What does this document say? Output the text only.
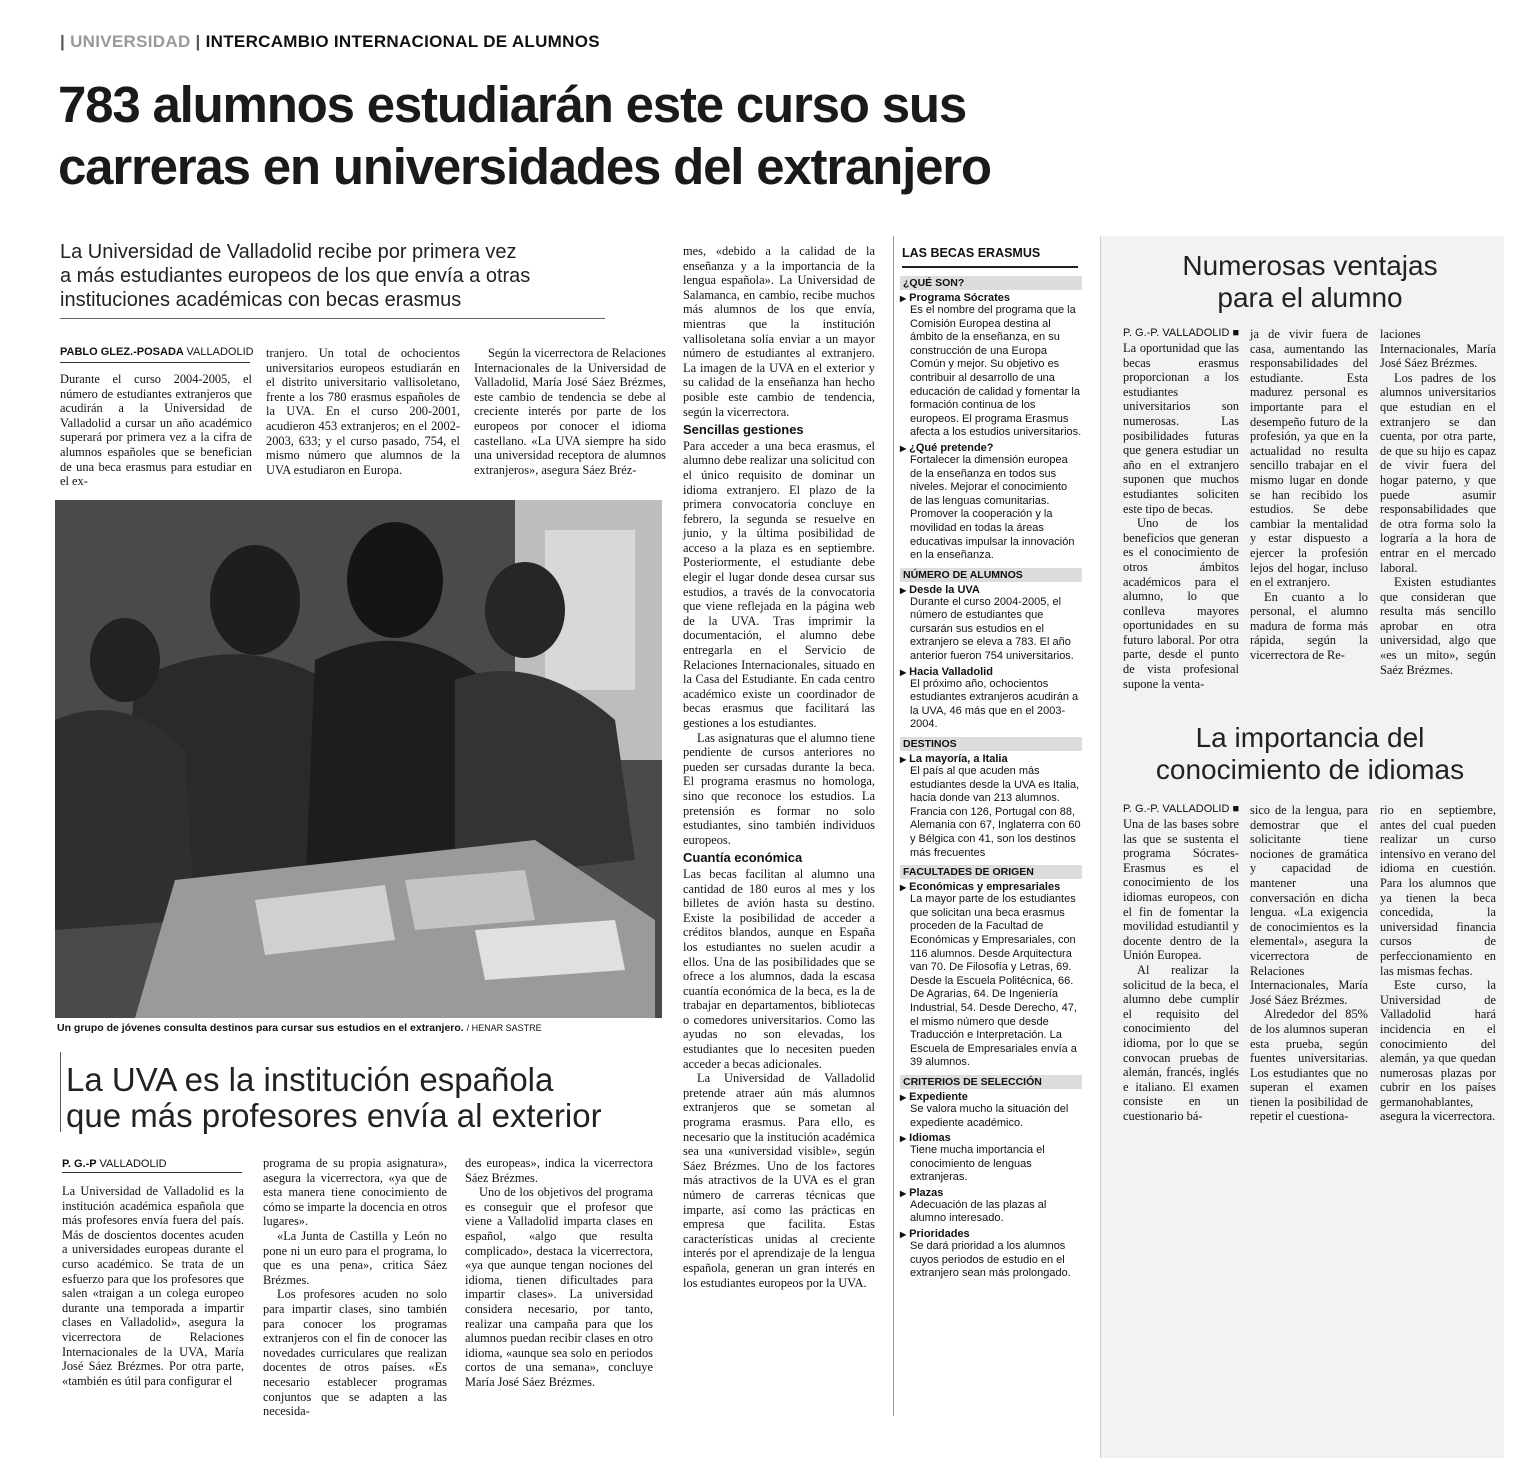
| UNIVERSIDAD | INTERCAMBIO INTERNACIONAL DE ALUMNOS
783 alumnos estudiarán este curso sus
carreras en universidades del extranjero
La Universidad de Valladolid recibe por primera vez
a más estudiantes europeos de los que envía a otras
instituciones académicas con becas erasmus
PABLO GLEZ.-POSADA VALLADOLID

Durante el curso 2004-2005, el número de estudiantes extranjeros que acudirán a la Universidad de Valladolid a cursar un año académico superará por primera vez a la cifra de alumnos españoles que se benefician de una beca erasmus para estudiar en el ex-

tranjero. Un total de ochocientos universitarios europeos estudiarán en el distrito universitario vallisoletano, frente a los 780 erasmus españoles de la UVA. En el curso 200-2001, acudieron 453 extranjeros; en el 2002-2003, 633; y el curso pasado, 754, el mismo número que alumnos de la UVA estudiaron en Europa.

Según la vicerrectora de Relaciones Internacionales de la Universidad de Valladolid, María José Sáez Brézmes, este cambio de tendencia se debe al creciente interés por parte de los europeos por conocer el idioma castellano. «La UVA siempre ha sido una universidad receptora de alumnos extranjeros», asegura Sáez Bréz-

Un grupo de jóvenes consulta destinos para cursar sus estudios en el extranjero. / HENAR SASTRE

mes, «debido a la calidad de la enseñanza y a la importancia de la lengua española». La Universidad de Salamanca, en cambio, recibe muchos más alumnos de los que envía, mientras que la institución vallisoletana solía enviar a un mayor número de estudiantes al extranjero. La imagen de la UVA en el exterior y su calidad de la enseñanza han hecho posible este cambio de tendencia, según la vicerrectora.

Sencillas gestiones

Para acceder a una beca erasmus, el alumno debe realizar una solicitud con el único requisito de dominar un idioma extranjero. El plazo de la primera convocatoria concluye en febrero, la segunda se resuelve en junio, y la última posibilidad de acceso a la plaza es en septiembre. Posteriormente, el estudiante debe elegir el lugar donde desea cursar sus estudios, a través de la convocatoria que viene reflejada en la página web de la UVA. Tras imprimir la documentación, el alumno debe entregarla en el Servicio de Relaciones Internacionales, situado en la Casa del Estudiante. En cada centro académico existe un coordinador de becas erasmus que facilitará las gestiones a los estudiantes.

Las asignaturas que el alumno tiene pendiente de cursos anteriores no pueden ser cursadas durante la beca. El programa erasmus no homologa, sino que reconoce los estudios. La pretensión es formar no solo estudiantes, sino también individuos europeos.

Cuantía económica

Las becas facilitan al alumno una cantidad de 180 euros al mes y los billetes de avión hasta su destino. Existe la posibilidad de acceder a créditos blandos, aunque en España los estudiantes no suelen acudir a ellos. Una de las posibilidades que se ofrece a los alumnos, dada la escasa cuantía económica de la beca, es la de trabajar en departamentos, bibliotecas o comedores universitarios. Como las ayudas no son elevadas, los estudiantes que lo necesiten pueden acceder a becas adicionales.

La Universidad de Valladolid pretende atraer aún más alumnos extranjeros que se sometan al programa erasmus. Para ello, es necesario que la institución académica sea una «universidad visible», según Sáez Brézmes. Uno de los factores más atractivos de la UVA es el gran número de carreras técnicas que imparte, así como las prácticas en empresa que facilita. Estas características unidas al creciente interés por el aprendizaje de la lengua española, generan un gran interés en los estudiantes europeos por la UVA.

La UVA es la institución española
que más profesores envía al exterior
P. G.-P VALLADOLID

La Universidad de Valladolid es la institución académica española que más profesores envía fuera del país. Más de doscientos docentes acuden a universidades europeas durante el curso académico. Se trata de un esfuerzo para que los profesores que salen «traigan a un colega europeo durante una temporada a impartir clases en Valladolid», asegura la vicerrectora de Relaciones Internacionales de la UVA, María José Sáez Brézmes. Por otra parte, «también es útil para configurar el

programa de su propia asignatura», asegura la vicerrectora, «ya que de esta manera tiene conocimiento de cómo se imparte la docencia en otros lugares».

«La Junta de Castilla y León no pone ni un euro para el programa, lo que es una pena», critica Sáez Brézmes.

Los profesores acuden no solo para impartir clases, sino también para conocer los programas extranjeros con el fin de conocer las novedades curriculares que realizan docentes de otros países. «Es necesario establecer programas conjuntos que se adapten a las necesida-

des europeas», indica la vicerrectora Sáez Brézmes.

Uno de los objetivos del programa es conseguir que el profesor que viene a Valladolid imparta clases en español, «algo que resulta complicado», destaca la vicerrectora, «ya que aunque tengan nociones del idioma, tienen dificultades para impartir clases». La universidad considera necesario, por tanto, realizar una campaña para que los alumnos puedan recibir clases en otro idioma, «aunque sea solo en periodos cortos de una semana», concluye María José Sáez Brézmes.

LAS BECAS ERASMUS
¿QUÉ SON?
▶ Programa Sócrates
Es el nombre del programa que la Comisión Europea destina al ámbito de la enseñanza, en su construcción de una Europa Común y mejor. Su objetivo es contribuir al desarrollo de una educación de calidad y fomentar la formación continua de los europeos. El programa Erasmus afecta a los estudios universitarios.
▶ ¿Qué pretende?
Fortalecer la dimensión europea de la enseñanza en todos sus niveles. Mejorar el conocimiento de las lenguas comunitarias. Promover la cooperación y la movilidad en todas la áreas educativas impulsar la innovación en la enseñanza.
NÚMERO DE ALUMNOS
▶ Desde la UVA
Durante el curso 2004-2005, el número de estudiantes que cursarán sus estudios en el extranjero se eleva a 783. El año anterior fueron 754 universitarios.
▶ Hacia Valladolid
El próximo año, ochocientos estudiantes extranjeros acudirán a la UVA, 46 más que en el 2003-2004.
DESTINOS
▶ La mayoría, a Italia
El país al que acuden más estudiantes desde la UVA es Italia, hacia donde van 213 alumnos. Francia con 126, Portugal con 88, Alemania con 67, Inglaterra con 60 y Bélgica con 41, son los destinos más frecuentes
FACULTADES DE ORIGEN
▶ Económicas y empresariales
La mayor parte de los estudiantes que solicitan una beca erasmus proceden de la Facultad de Económicas y Empresariales, con 116 alumnos. Desde Arquitectura van 70. De Filosofía y Letras, 69. Desde la Escuela Politécnica, 66. De Agrarias, 64. De Ingeniería Industrial, 54. Desde Derecho, 47, el mismo número que desde Traducción e Interpretación. La Escuela de Empresariales envía a 39 alumnos.
CRITERIOS DE SELECCIÓN
▶ Expediente
Se valora mucho la situación del expediente académico.
▶ Idiomas
Tiene mucha importancia el conocimiento de lenguas extranjeras.
▶ Plazas
Adecuación de las plazas al alumno interesado.
▶ Prioridades
Se dará prioridad a los alumnos cuyos periodos de estudio en el extranjero sean más prolongado.
Numerosas ventajas
para el alumno
P. G.-P. VALLADOLID ■

La oportunidad que las becas erasmus proporcionan a los estudiantes universitarios son numerosas. Las posibilidades futuras que genera estudiar un año en el extranjero suponen que muchos estudiantes soliciten este tipo de becas.

Uno de los beneficios que generan es el conocimiento de otros ámbitos académicos para el alumno, lo que conlleva mayores oportunidades en su futuro laboral. Por otra parte, desde el punto de vista profesional supone la venta-

ja de vivir fuera de casa, aumentando las responsabilidades del estudiante. Esta madurez personal es importante para el desempeño futuro de la profesión, ya que en la actualidad no resulta sencillo trabajar en el mismo lugar en donde se han recibido los estudios. Se debe cambiar la mentalidad y estar dispuesto a ejercer la profesión lejos del hogar, incluso en el extranjero.

En cuanto a lo personal, el alumno madura de forma más rápida, según la vicerrectora de Re-

laciones Internacionales, María José Sáez Brézmes.

Los padres de los alumnos universitarios que estudian en el extranjero se dan cuenta, por otra parte, de que su hijo es capaz de vivir fuera del hogar paterno, y que puede asumir responsabilidades que de otra forma solo la lograría a la hora de entrar en el mercado laboral.

Existen estudiantes que consideran que resulta más sencillo aprobar en otra universidad, algo que «es un mito», según Saéz Brézmes.

La importancia del
conocimiento de idiomas
P. G.-P. VALLADOLID ■

Una de las bases sobre las que se sustenta el programa Sócrates-Erasmus es el conocimiento de los idiomas europeos, con el fin de fomentar la movilidad estudiantil y docente dentro de la Unión Europea.

Al realizar la solicitud de la beca, el alumno debe cumplir el requisito del conocimiento del idioma, por lo que se convocan pruebas de alemán, francés, inglés e italiano. El examen consiste en un cuestionario bá-

sico de la lengua, para demostrar que el solicitante tiene nociones de gramática y capacidad de mantener una conversación en dicha lengua. «La exigencia de conocimientos es la elemental», asegura la vicerrectora de Relaciones Internacionales, María José Sáez Brézmes.

Alrededor del 85% de los alumnos superan esta prueba, según fuentes universitarias. Los estudiantes que no superan el examen tienen la posibilidad de repetir el cuestiona-

rio en septiembre, antes del cual pueden realizar un curso intensivo en verano del idioma en cuestión. Para los alumnos que ya tienen la beca concedida, la universidad financia cursos de perfeccionamiento en las mismas fechas.

Este curso, la Universidad de Valladolid hará incidencia en el conocimiento del alemán, ya que quedan numerosas plazas por cubrir en los países germanohablantes, asegura la vicerrectora.
